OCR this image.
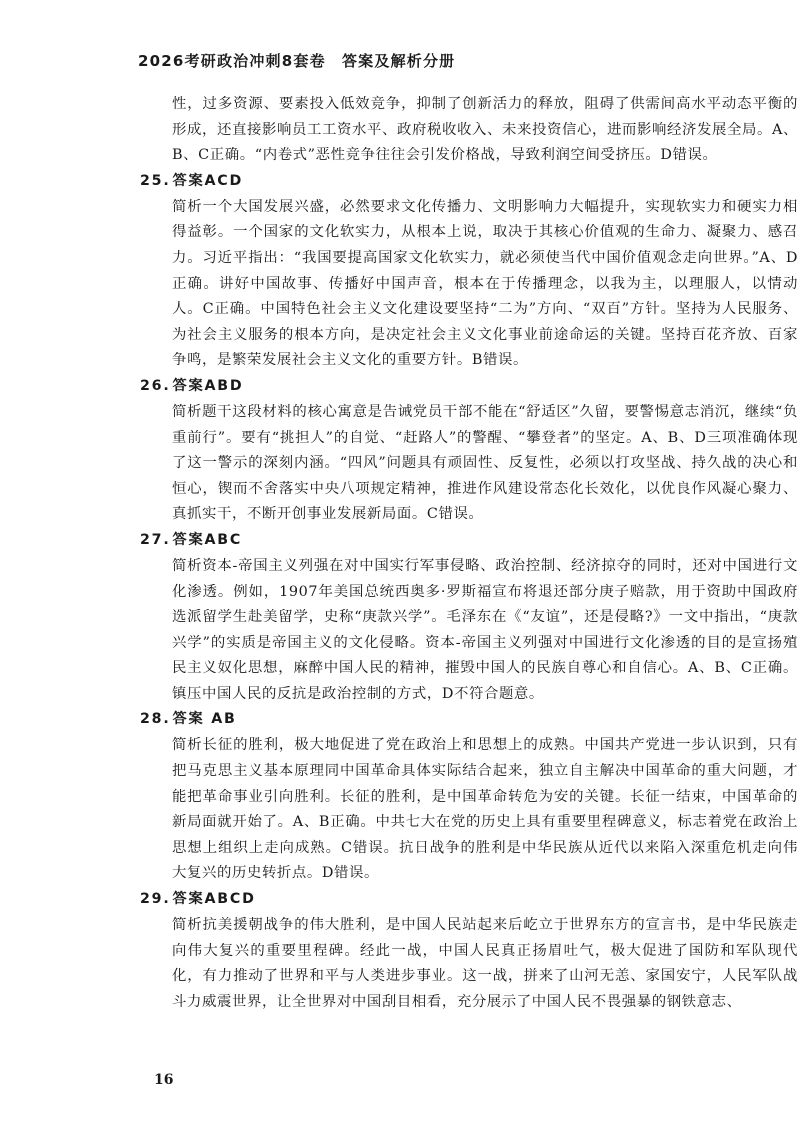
2026考研政治冲刺8套卷　答案及解析分册

性，过多资源、要素投入低效竞争，抑制了创新活力的释放，阻碍了供需间高水平动态平衡的形成，还直接影响员工工资水平、政府税收收入、未来投资信心，进而影响经济发展全局。A、B、C正确。“内卷式”恶性竞争往往会引发价格战，导致利润空间受挤压。D错误。

25. 答案ACD

简析一个大国发展兴盛，必然要求文化传播力、文明影响力大幅提升，实现软实力和硬实力相得益彰。一个国家的文化软实力，从根本上说，取决于其核心价值观的生命力、凝聚力、感召力。习近平指出：“我国要提高国家文化软实力，就必须使当代中国价值观念走向世界。”A、D正确。讲好中国故事、传播好中国声音，根本在于传播理念，以我为主，以理服人，以情动人。C正确。中国特色社会主义文化建设要坚持“二为”方向、“双百”方针。坚持为人民服务、为社会主义服务的根本方向，是决定社会主义文化事业前途命运的关键。坚持百花齐放、百家争鸣，是繁荣发展社会主义文化的重要方针。B错误。

26. 答案ABD

简析题干这段材料的核心寓意是告诫党员干部不能在“舒适区”久留，要警惕意志消沉，继续“负重前行”。要有“挑担人”的自觉、“赶路人”的警醒、“攀登者”的坚定。A、B、D三项准确体现了这一警示的深刻内涵。“四风”问题具有顽固性、反复性，必须以打攻坚战、持久战的决心和恒心，锲而不舍落实中央八项规定精神，推进作风建设常态化长效化，以优良作风凝心聚力、真抓实干，不断开创事业发展新局面。C错误。

27. 答案ABC

简析资本-帝国主义列强在对中国实行军事侵略、政治控制、经济掠夺的同时，还对中国进行文化渗透。例如，1907年美国总统西奥多·罗斯福宣布将退还部分庚子赔款，用于资助中国政府选派留学生赴美留学，史称“庚款兴学”。毛泽东在《“友谊”，还是侵略?》一文中指出，“庚款兴学”的实质是帝国主义的文化侵略。资本-帝国主义列强对中国进行文化渗透的目的是宣扬殖民主义奴化思想，麻醉中国人民的精神，摧毁中国人的民族自尊心和自信心。A、B、C正确。镇压中国人民的反抗是政治控制的方式，D不符合题意。

28. 答案 AB

简析长征的胜利，极大地促进了党在政治上和思想上的成熟。中国共产党进一步认识到，只有把马克思主义基本原理同中国革命具体实际结合起来，独立自主解决中国革命的重大问题，才能把革命事业引向胜利。长征的胜利，是中国革命转危为安的关键。长征一结束，中国革命的新局面就开始了。A、B正确。中共七大在党的历史上具有重要里程碑意义，标志着党在政治上思想上组织上走向成熟。C错误。抗日战争的胜利是中华民族从近代以来陷入深重危机走向伟大复兴的历史转折点。D错误。

29. 答案ABCD

简析抗美援朝战争的伟大胜利，是中国人民站起来后屹立于世界东方的宣言书，是中华民族走向伟大复兴的重要里程碑。经此一战，中国人民真正扬眉吐气，极大促进了国防和军队现代化，有力推动了世界和平与人类进步事业。这一战，拼来了山河无恙、家国安宁，人民军队战斗力威震世界，让全世界对中国刮目相看，充分展示了中国人民不畏强暴的钢铁意志、

16
